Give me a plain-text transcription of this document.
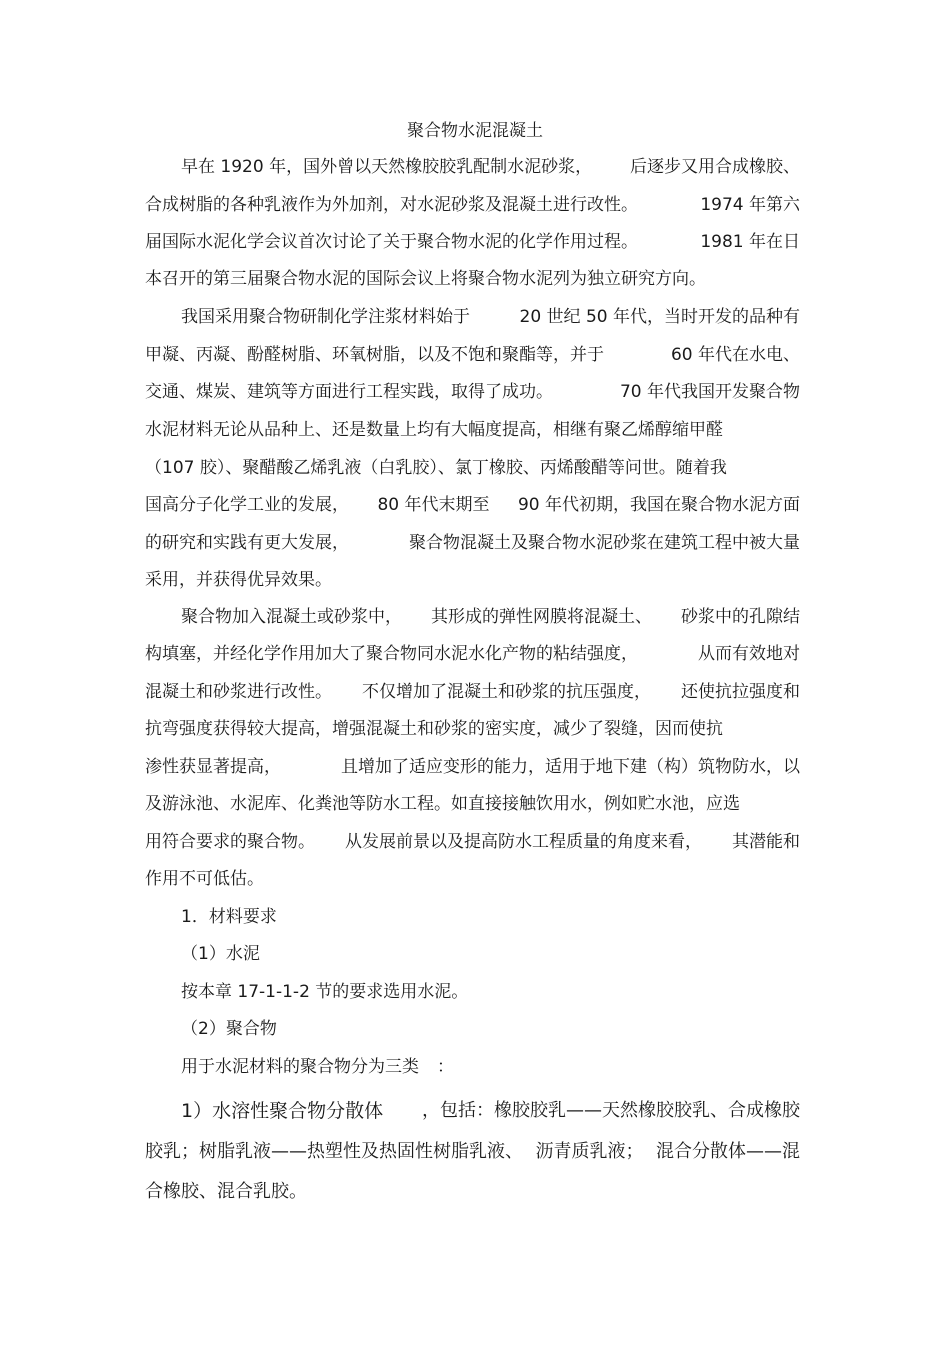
聚合物水泥混凝土
早在 1920 年，国外曾以天然橡胶胶乳配制水泥砂浆， 后逐步又用合成橡胶、
合成树脂的各种乳液作为外加剂，对水泥砂浆及混凝土进行改性。	1974 年第六
届国际水泥化学会议首次讨论了关于聚合物水泥的化学作用过程。	1981 年在日
本召开的第三届聚合物水泥的国际会议上将聚合物水泥列为独立研究方向。
我国采用聚合物研制化学注浆材料始于	20 世纪 50 年代，当时开发的品种有
甲凝、丙凝、酚醛树脂、环氧树脂，以及不饱和聚酯等，并于	60 年代在水电、
交通、煤炭、建筑等方面进行工程实践，取得了成功。	70 年代我国开发聚合物
水泥材料无论从品种上、还是数量上均有大幅度提高，相继有聚乙烯醇缩甲醛
（107 胶）、聚醋酸乙烯乳液（白乳胶）、氯丁橡胶、丙烯酸醋等问世。随着我
国高分子化学工业的发展， 80 年代末期至 90 年代初期，我国在聚合物水泥方面
的研究和实践有更大发展，	聚合物混凝土及聚合物水泥砂浆在建筑工程中被大量
采用，并获得优异效果。
聚合物加入混凝土或砂浆中， 其形成的弹性网膜将混凝土、 砂浆中的孔隙结
构填塞，并经化学作用加大了聚合物同水泥水化产物的粘结强度，	从而有效地对
混凝土和砂浆进行改性。 不仅增加了混凝土和砂浆的抗压强度， 还使抗拉强度和
抗弯强度获得较大提高，增强混凝土和砂浆的密实度，减少了裂缝，因而使抗
渗性获显著提高，	且增加了适应变形的能力，适用于地下建（构）筑物防水，以
及游泳池、水泥库、化粪池等防水工程。如直接接触饮用水，例如贮水池，应选
用符合要求的聚合物。 从发展前景以及提高防水工程质量的角度来看， 其潜能和
作用不可低估。
1．材料要求
（1）水泥
按本章 17-1-1-2 节的要求选用水泥。
（2）聚合物
用于水泥材料的聚合物分为三类 ：
1）水溶性聚合物分散体 ，包括：橡胶胶乳——天然橡胶胶乳、合成橡胶
胶乳；树脂乳液——热塑性及热固性树脂乳液、 沥青质乳液； 混合分散体——混
合橡胶、混合乳胶。
